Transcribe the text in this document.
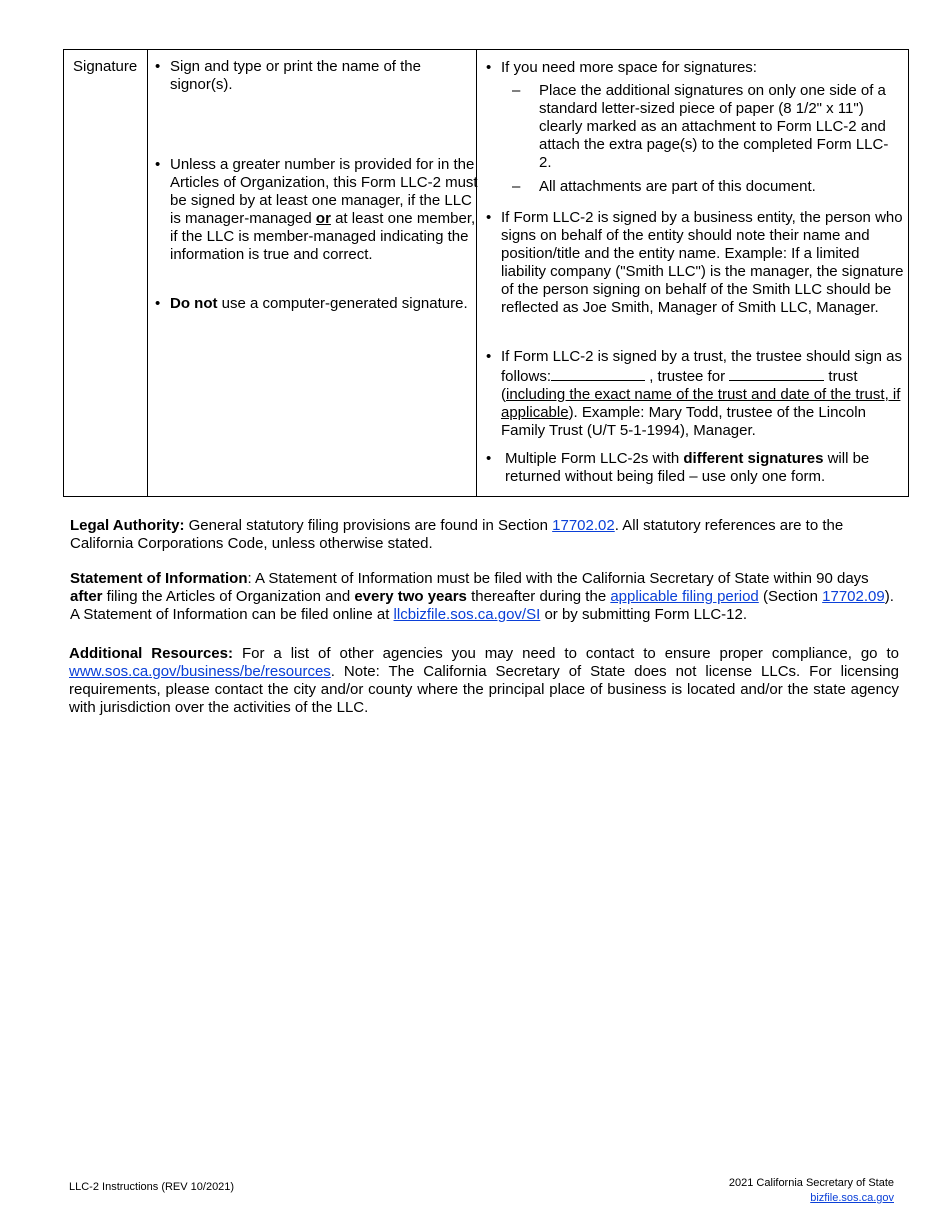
Signature
•	Sign and type or print the name of the signor(s).
• Unless a greater number is provided for in the Articles of Organization, this Form LLC-2 must be signed by at least one manager, if the LLC is manager-managed or at least one member, if the LLC is member-managed indicating the information is true and correct.
• Do not use a computer-generated signature.
• If you need more space for signatures:
– Place the additional signatures on only one side of a standard letter-sized piece of paper (8 1/2" x 11") clearly marked as an attachment to Form LLC-2 and attach the extra page(s) to the completed Form LLC-2.
– All attachments are part of this document.
• If Form LLC-2 is signed by a business entity, the person who signs on behalf of the entity should note their name and position/title and the entity name. Example: If a limited liability company ("Smith LLC") is the manager, the signature of the person signing on behalf of the Smith LLC should be reflected as Joe Smith, Manager of Smith LLC, Manager.
• If Form LLC-2 is signed by a trust, the trustee should sign as follows:	, trustee for	trust (including the exact name of the trust and date of the trust, if applicable). Example: Mary Todd, trustee of the Lincoln Family Trust (U/T 5-1-1994), Manager.
• Multiple Form LLC-2s with different signatures will be returned without being filed – use only one form.
Legal Authority: General statutory filing provisions are found in Section 17702.02. All statutory references are to the California Corporations Code, unless otherwise stated.
Statement of Information: A Statement of Information must be filed with the California Secretary of State within 90 days after filing the Articles of Organization and every two years thereafter during the applicable filing period (Section 17702.09). A Statement of Information can be filed online at llcbizfile.sos.ca.gov/SI or by submitting Form LLC-12.
Additional Resources: For a list of other agencies you may need to contact to ensure proper compliance, go to www.sos.ca.gov/business/be/resources. Note: The California Secretary of State does not license LLCs. For licensing requirements, please contact the city and/or county where the principal place of business is located and/or the state agency with jurisdiction over the activities of the LLC.
LLC-2 Instructions (REV 10/2021)	2021 California Secretary of State
bizfile.sos.ca.gov
